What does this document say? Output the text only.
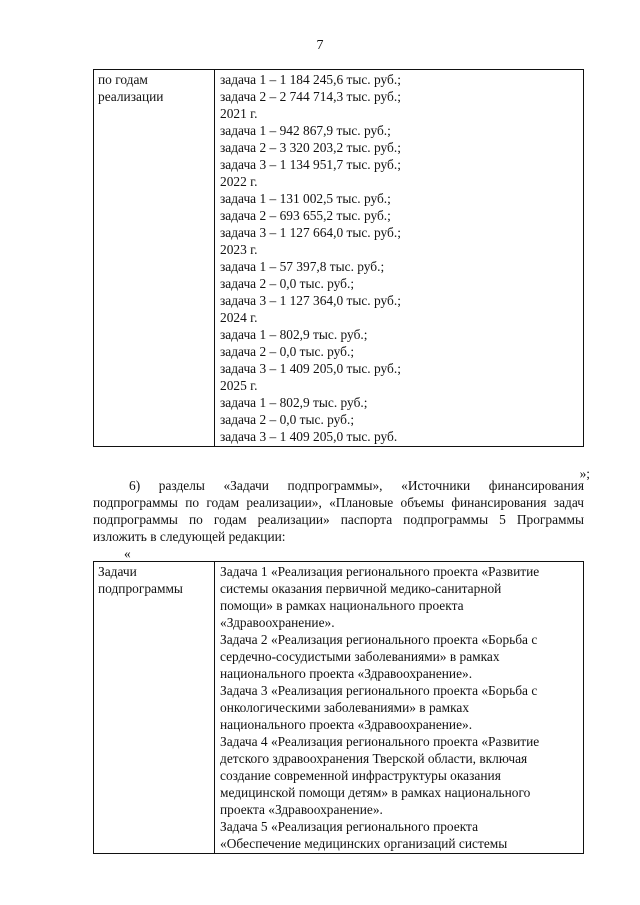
7
по годам
реализации

задача 1 – 1 184 245,6 тыс. руб.;
задача 2 – 2 744 714,3 тыс. руб.;
2021 г.
задача 1 – 942 867,9 тыс. руб.;
задача 2 – 3 320 203,2 тыс. руб.;
задача 3 – 1 134 951,7 тыс. руб.;
2022 г.
задача 1 – 131 002,5 тыс. руб.;
задача 2 – 693 655,2 тыс. руб.;
задача 3 – 1 127 664,0 тыс. руб.;
2023 г.
задача 1 – 57 397,8 тыс. руб.;
задача 2 – 0,0 тыс. руб.;
задача 3 – 1 127 364,0 тыс. руб.;
2024 г.
задача 1 – 802,9 тыс. руб.;
задача 2 – 0,0 тыс. руб.;
задача 3 – 1 409 205,0 тыс. руб.;
2025 г.
задача 1 – 802,9 тыс. руб.;
задача 2 – 0,0 тыс. руб.;
задача 3 – 1 409 205,0 тыс. руб.
»;
6) разделы «Задачи подпрограммы», «Источники финансирования подпрограммы по годам реализации», «Плановые объемы финансирования задач подпрограммы по годам реализации» паспорта подпрограммы 5 Программы изложить в следующей редакции:
«
Задачи
подпрограммы

Задача 1 «Реализация регионального проекта «Развитие
системы оказания первичной медико-санитарной
помощи» в рамках национального проекта
«Здравоохранение».
Задача 2 «Реализация регионального проекта «Борьба с
сердечно-сосудистыми заболеваниями» в рамках
национального проекта «Здравоохранение».
Задача 3 «Реализация регионального проекта «Борьба с
онкологическими заболеваниями» в рамках
национального проекта «Здравоохранение».
Задача 4 «Реализация регионального проекта «Развитие
детского здравоохранения Тверской области, включая
создание современной инфраструктуры оказания
медицинской помощи детям» в рамках национального
проекта «Здравоохранение».
Задача 5 «Реализация регионального проекта
«Обеспечение медицинских организаций системы
